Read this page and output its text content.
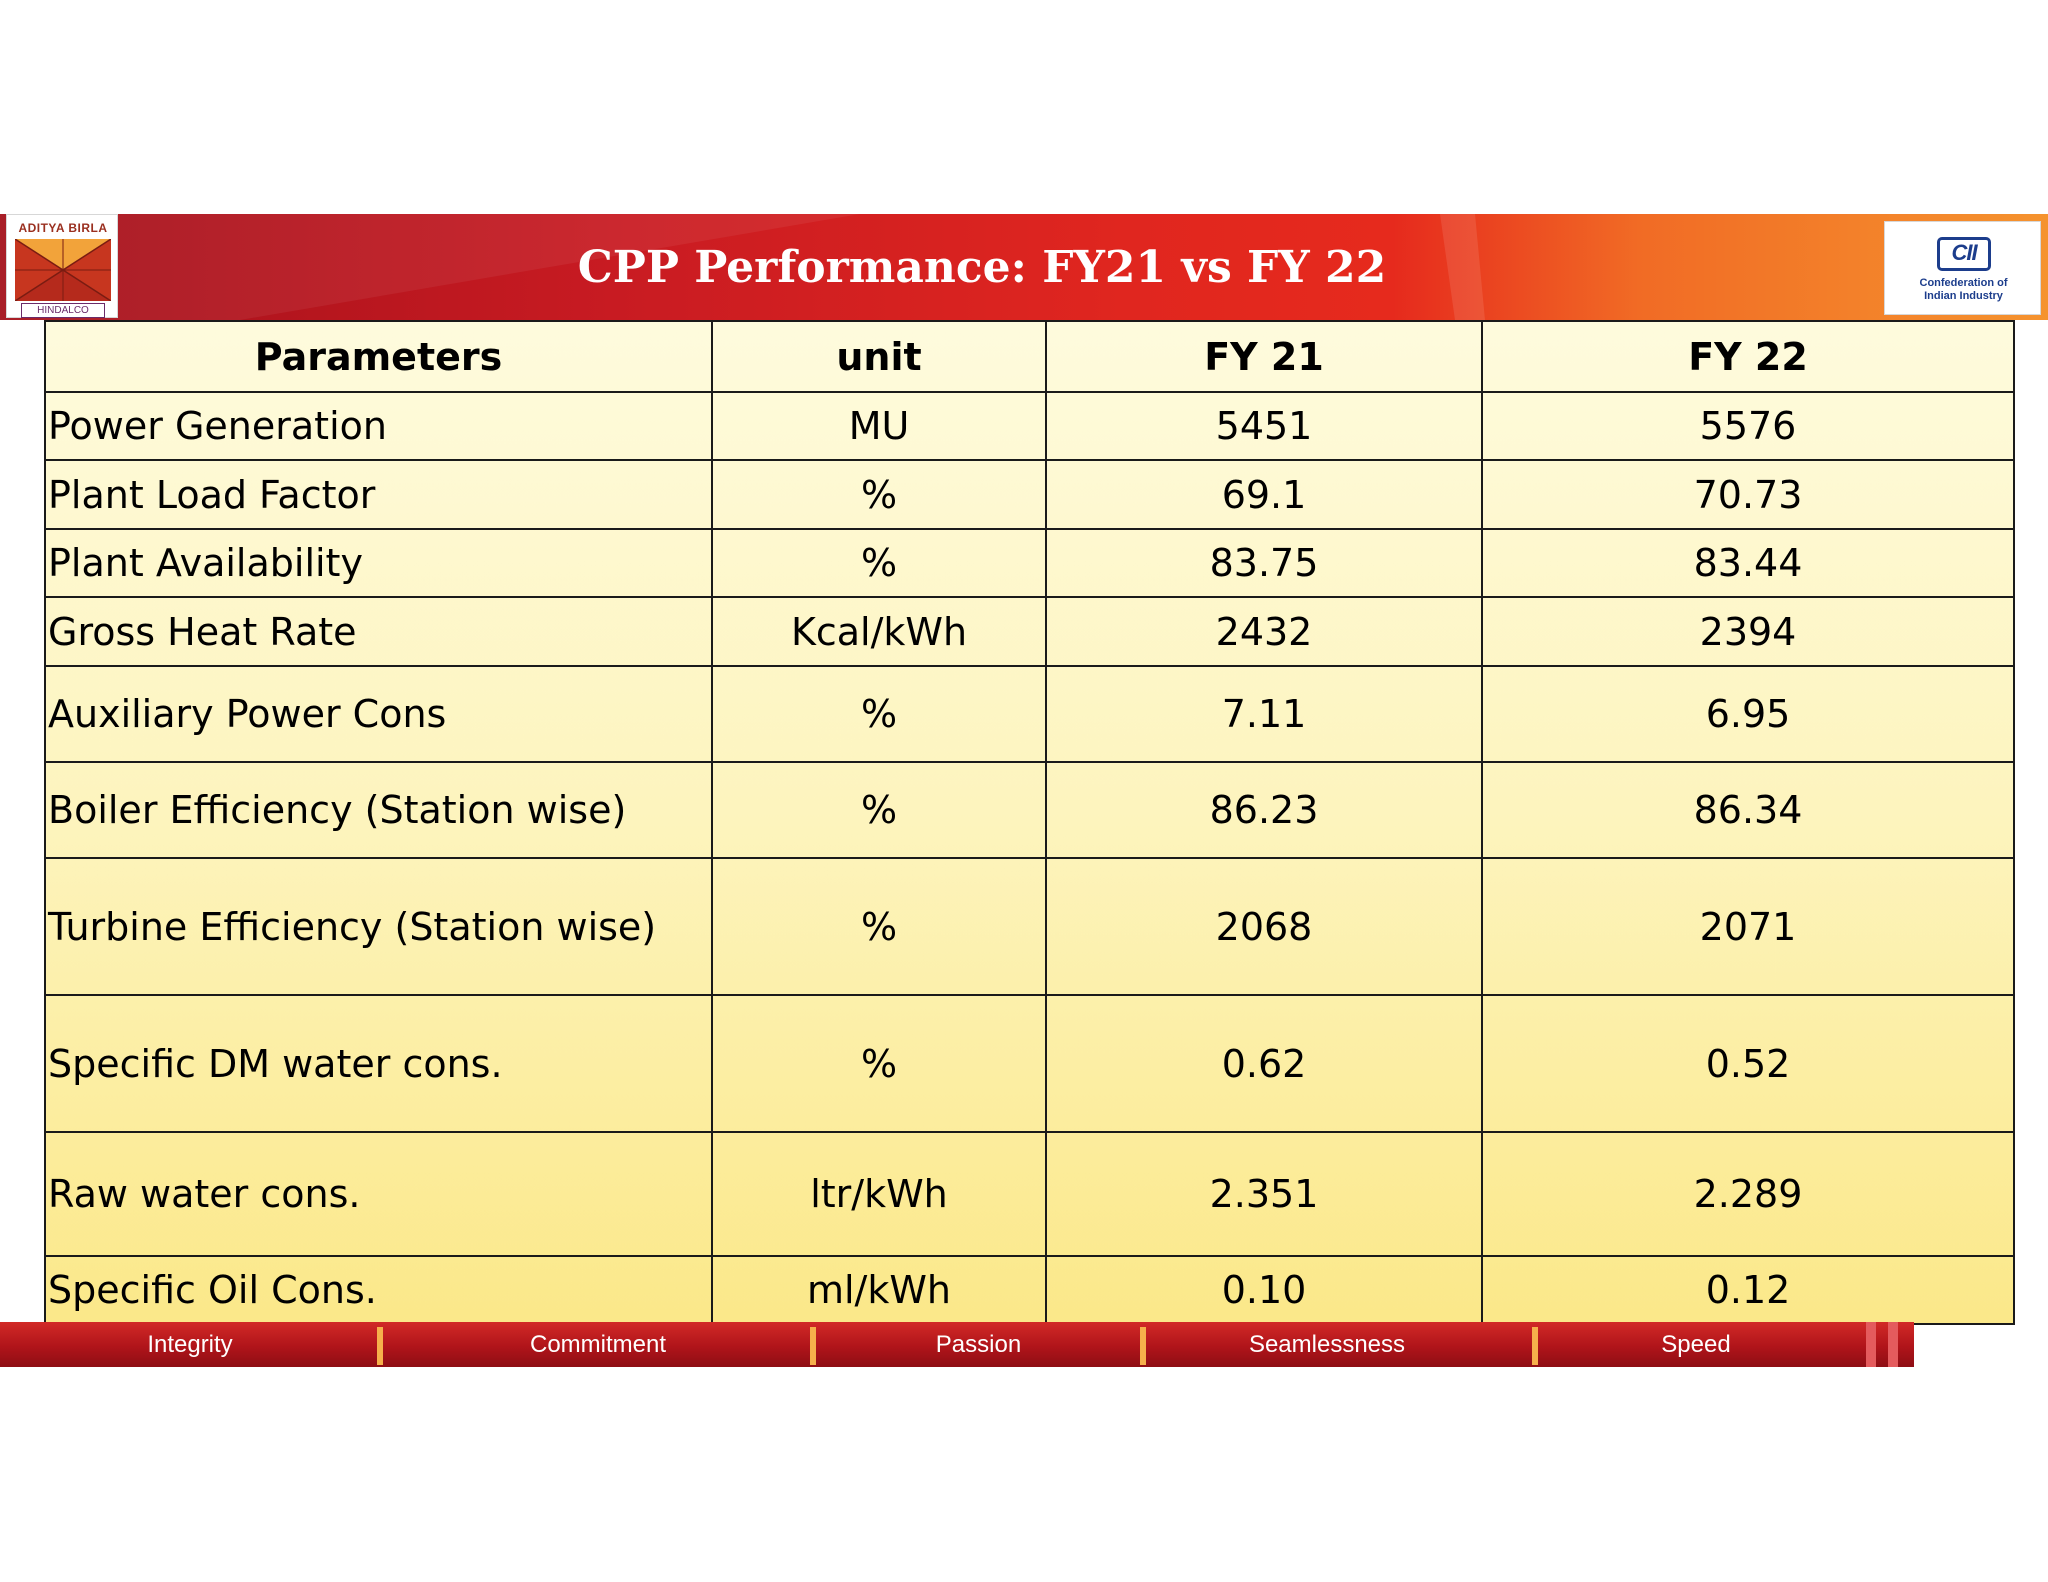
ADITYA BIRLA
HINDALCO
CPP Performance: FY21 vs FY 22	CII
Confederation of
Indian Industry
Parameters	unit	FY 21	FY 22
Power Generation	MU	5451	5576
Plant Load Factor	%	69.1	70.73
Plant Availability	%	83.75	83.44
Gross Heat Rate	Kcal/kWh	2432	2394
Auxiliary Power Cons	%	7.11	6.95
Boiler Efficiency (Station wise)	%	86.23	86.34
Turbine Efficiency (Station wise)	%	2068	2071
Specific DM water cons.	%	0.62	0.52
Raw water cons.	ltr/kWh	2.351	2.289
Specific Oil Cons.	ml/kWh	0.10	0.12
Integrity	Commitment	Passion	Seamlessness	Speed
